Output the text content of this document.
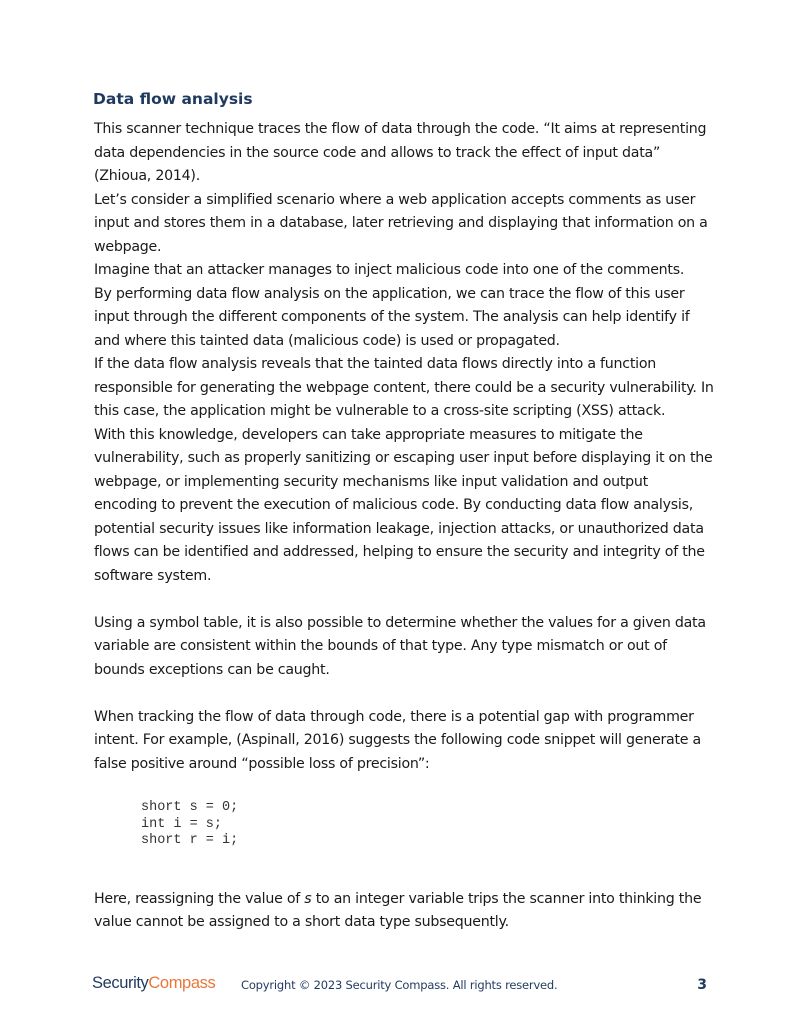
Data flow analysis

This scanner technique traces the flow of data through the code. “It aims at representing data dependencies in the source code and allows to track the effect of input data” (Zhioua, 2014).

Let’s consider a simplified scenario where a web application accepts comments as user input and stores them in a database, later retrieving and displaying that information on a webpage.

Imagine that an attacker manages to inject malicious code into one of the comments.

By performing data flow analysis on the application, we can trace the flow of this user input through the different components of the system. The analysis can help identify if and where this tainted data (malicious code) is used or propagated.

If the data flow analysis reveals that the tainted data flows directly into a function responsible for generating the webpage content, there could be a security vulnerability. In this case, the application might be vulnerable to a cross-site scripting (XSS) attack.

With this knowledge, developers can take appropriate measures to mitigate the vulnerability, such as properly sanitizing or escaping user input before displaying it on the webpage, or implementing security mechanisms like input validation and output encoding to prevent the execution of malicious code. By conducting data flow analysis, potential security issues like information leakage, injection attacks, or unauthorized data flows can be identified and addressed, helping to ensure the security and integrity of the software system.

Using a symbol table, it is also possible to determine whether the values for a given data variable are consistent within the bounds of that type. Any type mismatch or out of bounds exceptions can be caught.

When tracking the flow of data through code, there is a potential gap with programmer intent. For example, (Aspinall, 2016) suggests the following code snippet will generate a false positive around “possible loss of precision”:

short s = 0;
int i = s;
short r = i;

Here, reassigning the value of s to an integer variable trips the scanner into thinking the value cannot be assigned to a short data type subsequently.

SecurityCompass Copyright © 2023 Security Compass. All rights reserved.	3
